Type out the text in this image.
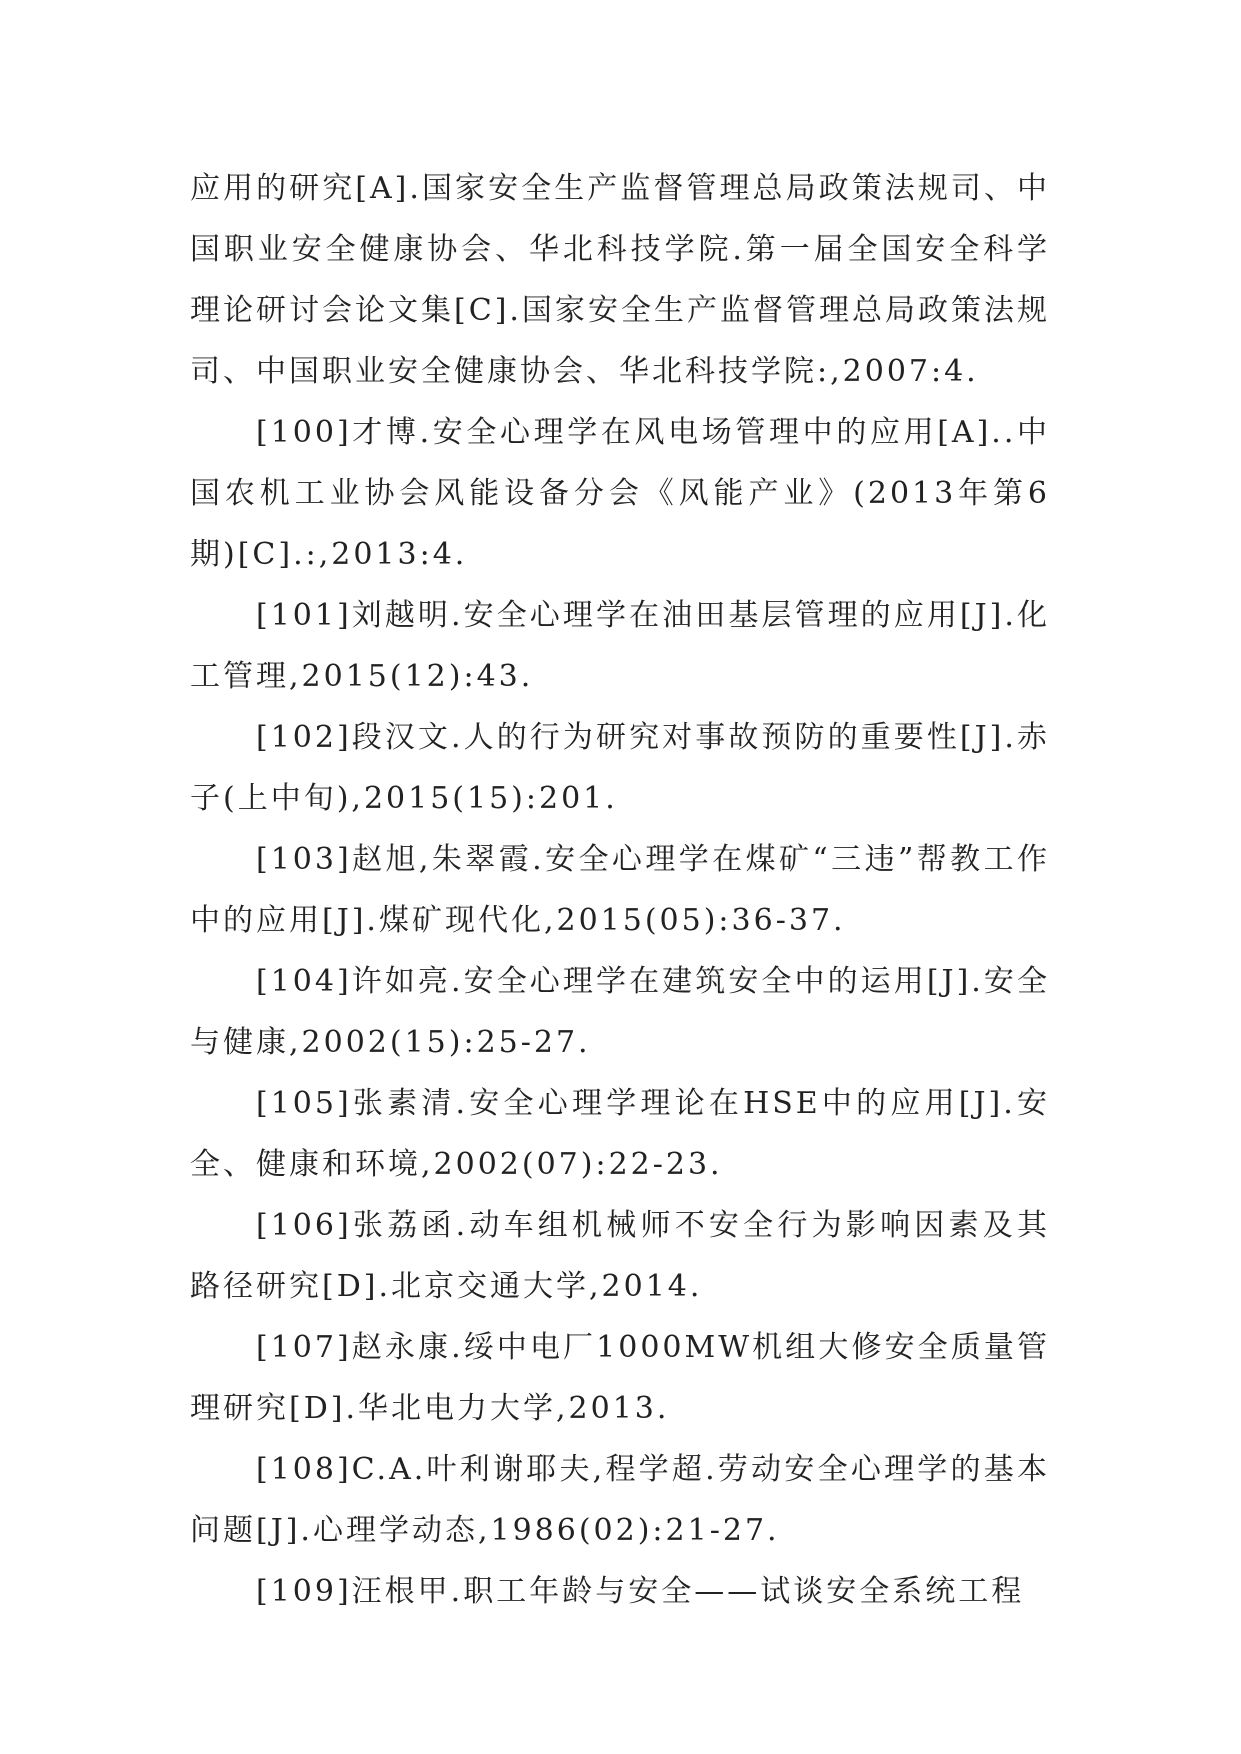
应用的研究[A].国家安全生产监督管理总局政策法规司、中国职业安全健康协会、华北科技学院.第一届全国安全科学理论研讨会论文集[C].国家安全生产监督管理总局政策法规司、中国职业安全健康协会、华北科技学院:,2007:4.

[100]才博.安全心理学在风电场管理中的应用[A]..中国农机工业协会风能设备分会《风能产业》(2013年第6期)[C].:,2013:4.

[101]刘越明.安全心理学在油田基层管理的应用[J].化工管理,2015(12):43.

[102]段汉文.人的行为研究对事故预防的重要性[J].赤子(上中旬),2015(15):201.

[103]赵旭,朱翠霞.安全心理学在煤矿“三违”帮教工作中的应用[J].煤矿现代化,2015(05):36-37.

[104]许如亮.安全心理学在建筑安全中的运用[J].安全与健康,2002(15):25-27.

[105]张素清.安全心理学理论在HSE中的应用[J].安全、健康和环境,2002(07):22-23.

[106]张荔函.动车组机械师不安全行为影响因素及其路径研究[D].北京交通大学,2014.

[107]赵永康.绥中电厂1000MW机组大修安全质量管理研究[D].华北电力大学,2013.

[108]C.A.叶利谢耶夫,程学超.劳动安全心理学的基本问题[J].心理学动态,1986(02):21-27.

[109]汪根甲.职工年龄与安全——试谈安全系统工程
